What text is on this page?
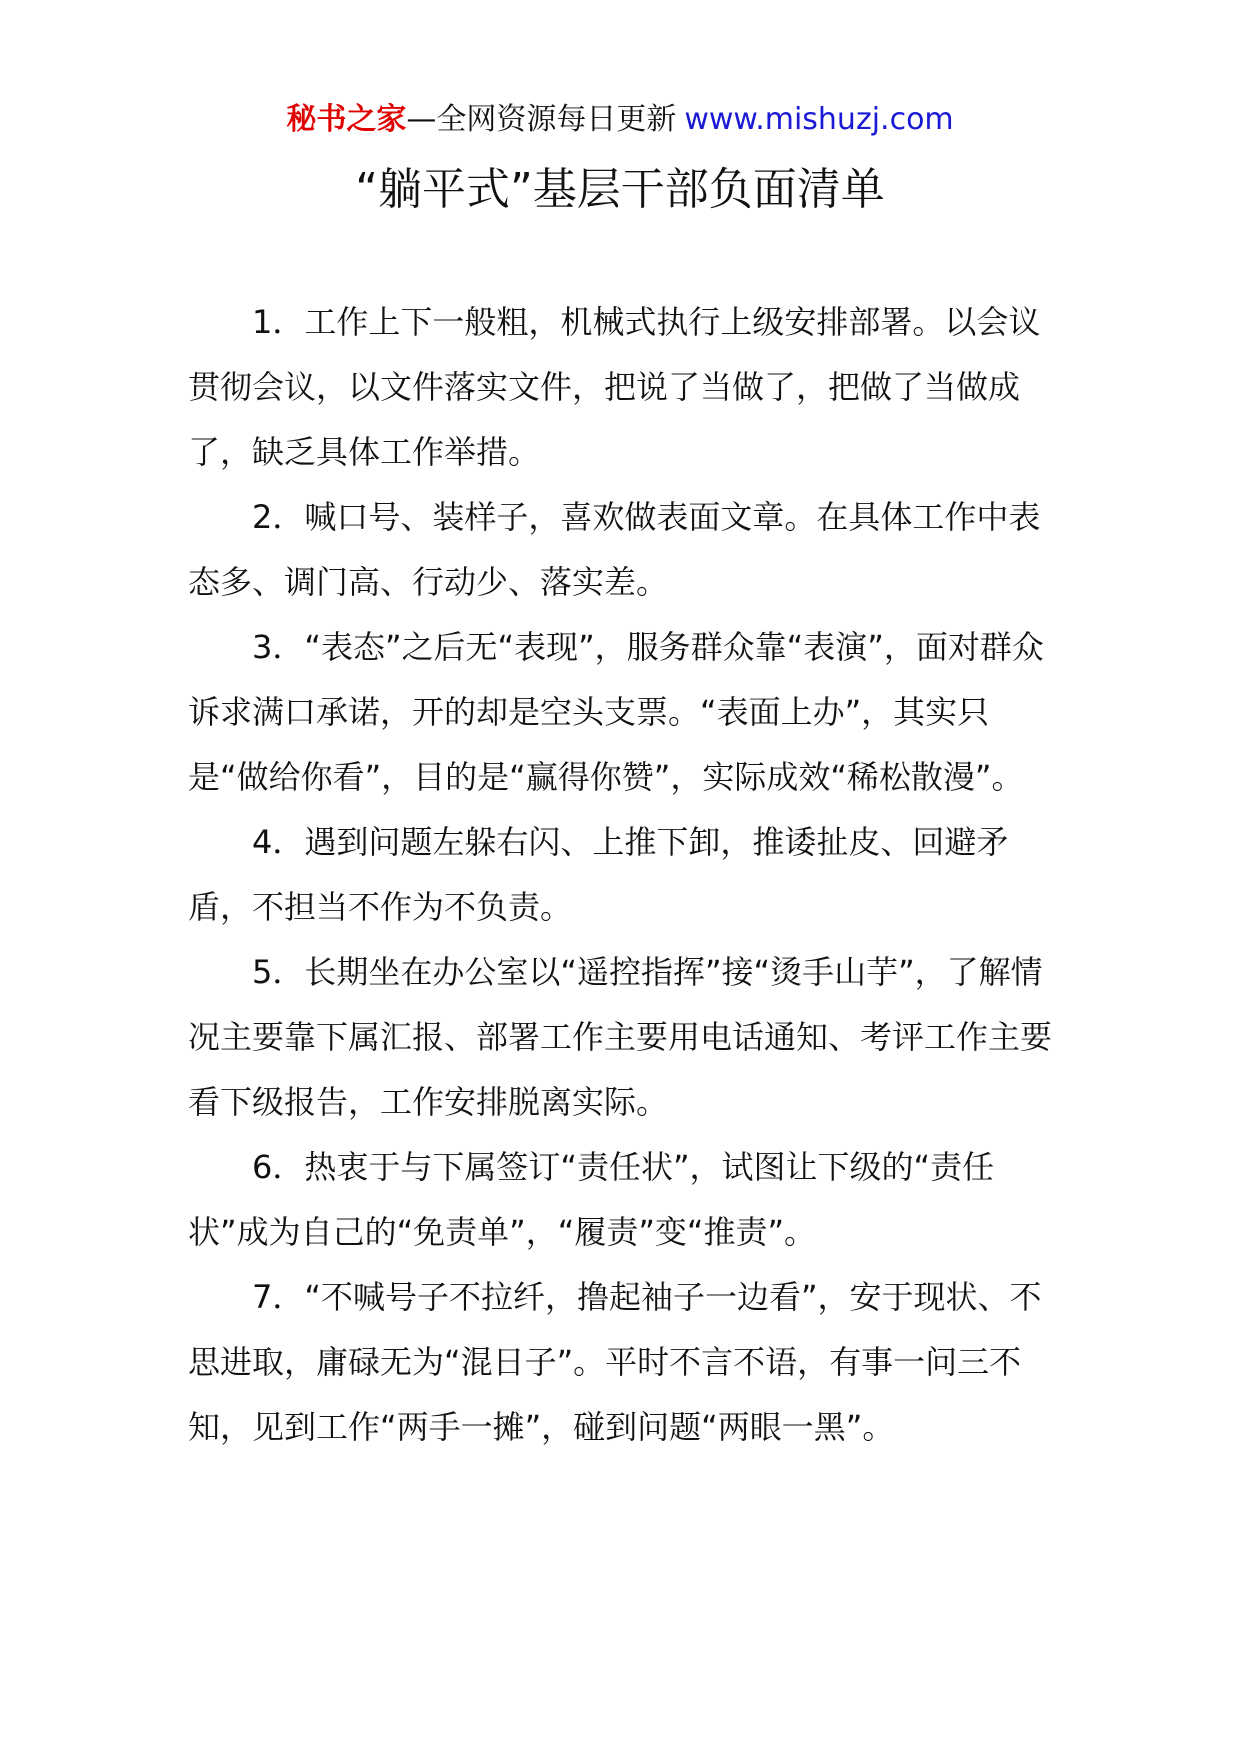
秘书之家—全网资源每日更新 www.mishuzj.com
“躺平式”基层干部负面清单

1．工作上下一般粗，机械式执行上级安排部署。以会议贯彻会议，以文件落实文件，把说了当做了，把做了当做成了，缺乏具体工作举措。

2．喊口号、装样子，喜欢做表面文章。在具体工作中表态多、调门高、行动少、落实差。

3．“表态”之后无“表现”，服务群众靠“表演”，面对群众诉求满口承诺，开的却是空头支票。“表面上办”，其实只是“做给你看”，目的是“赢得你赞”，实际成效“稀松散漫”。

4．遇到问题左躲右闪、上推下卸，推诿扯皮、回避矛盾，不担当不作为不负责。

5．长期坐在办公室以“遥控指挥”接“烫手山芋”，了解情况主要靠下属汇报、部署工作主要用电话通知、考评工作主要看下级报告，工作安排脱离实际。

6．热衷于与下属签订“责任状”，试图让下级的“责任状”成为自己的“免责单”，“履责”变“推责”。

7．“不喊号子不拉纤，撸起袖子一边看”，安于现状、不思进取，庸碌无为“混日子”。平时不言不语，有事一问三不知，见到工作“两手一摊”，碰到问题“两眼一黑”。
